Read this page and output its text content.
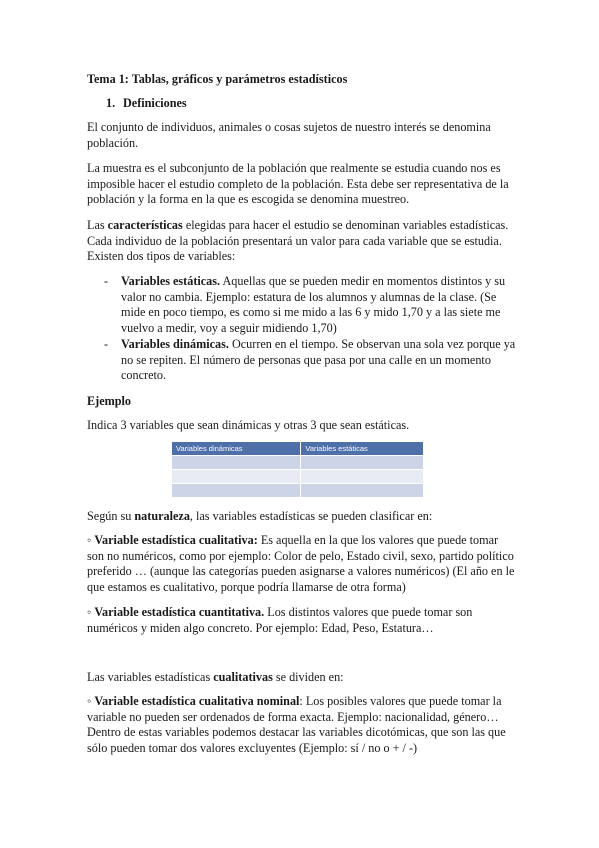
Tema 1: Tablas, gráficos y parámetros estadísticos
1. Definiciones
El conjunto de individuos, animales o cosas sujetos de nuestro interés se denomina población.
La muestra es el subconjunto de la población que realmente se estudia cuando nos es imposible hacer el estudio completo de la población. Esta debe ser representativa de la población y la forma en la que es escogida se denomina muestreo.
Las características elegidas para hacer el estudio se denominan variables estadísticas. Cada individuo de la población presentará un valor para cada variable que se estudia. Existen dos tipos de variables:
- Variables estáticas. Aquellas que se pueden medir en momentos distintos y su valor no cambia. Ejemplo: estatura de los alumnos y alumnas de la clase. (Se mide en poco tiempo, es como si me mido a las 6 y mido 1,70 y a las siete me vuelvo a medir, voy a seguir midiendo 1,70)
- Variables dinámicas. Ocurren en el tiempo. Se observan una sola vez porque ya no se repiten. El número de personas que pasa por una calle en un momento concreto.
Ejemplo
Indica 3 variables que sean dinámicas y otras 3 que sean estáticas.
Variables dinámicas	Variables estáticas

Según su naturaleza, las variables estadísticas se pueden clasificar en:
◦ Variable estadística cualitativa: Es aquella en la que los valores que puede tomar son no numéricos, como por ejemplo: Color de pelo, Estado civil, sexo, partido político preferido … (aunque las categorías pueden asignarse a valores numéricos) (El año en le que estamos es cualitativo, porque podría llamarse de otra forma)
◦ Variable estadística cuantitativa. Los distintos valores que puede tomar son numéricos y miden algo concreto. Por ejemplo: Edad, Peso, Estatura…
Las variables estadísticas cualitativas se dividen en:
◦ Variable estadística cualitativa nominal: Los posibles valores que puede tomar la variable no pueden ser ordenados de forma exacta. Ejemplo: nacionalidad, género… Dentro de estas variables podemos destacar las variables dicotómicas, que son las que sólo pueden tomar dos valores excluyentes (Ejemplo: sí / no o + / -)
